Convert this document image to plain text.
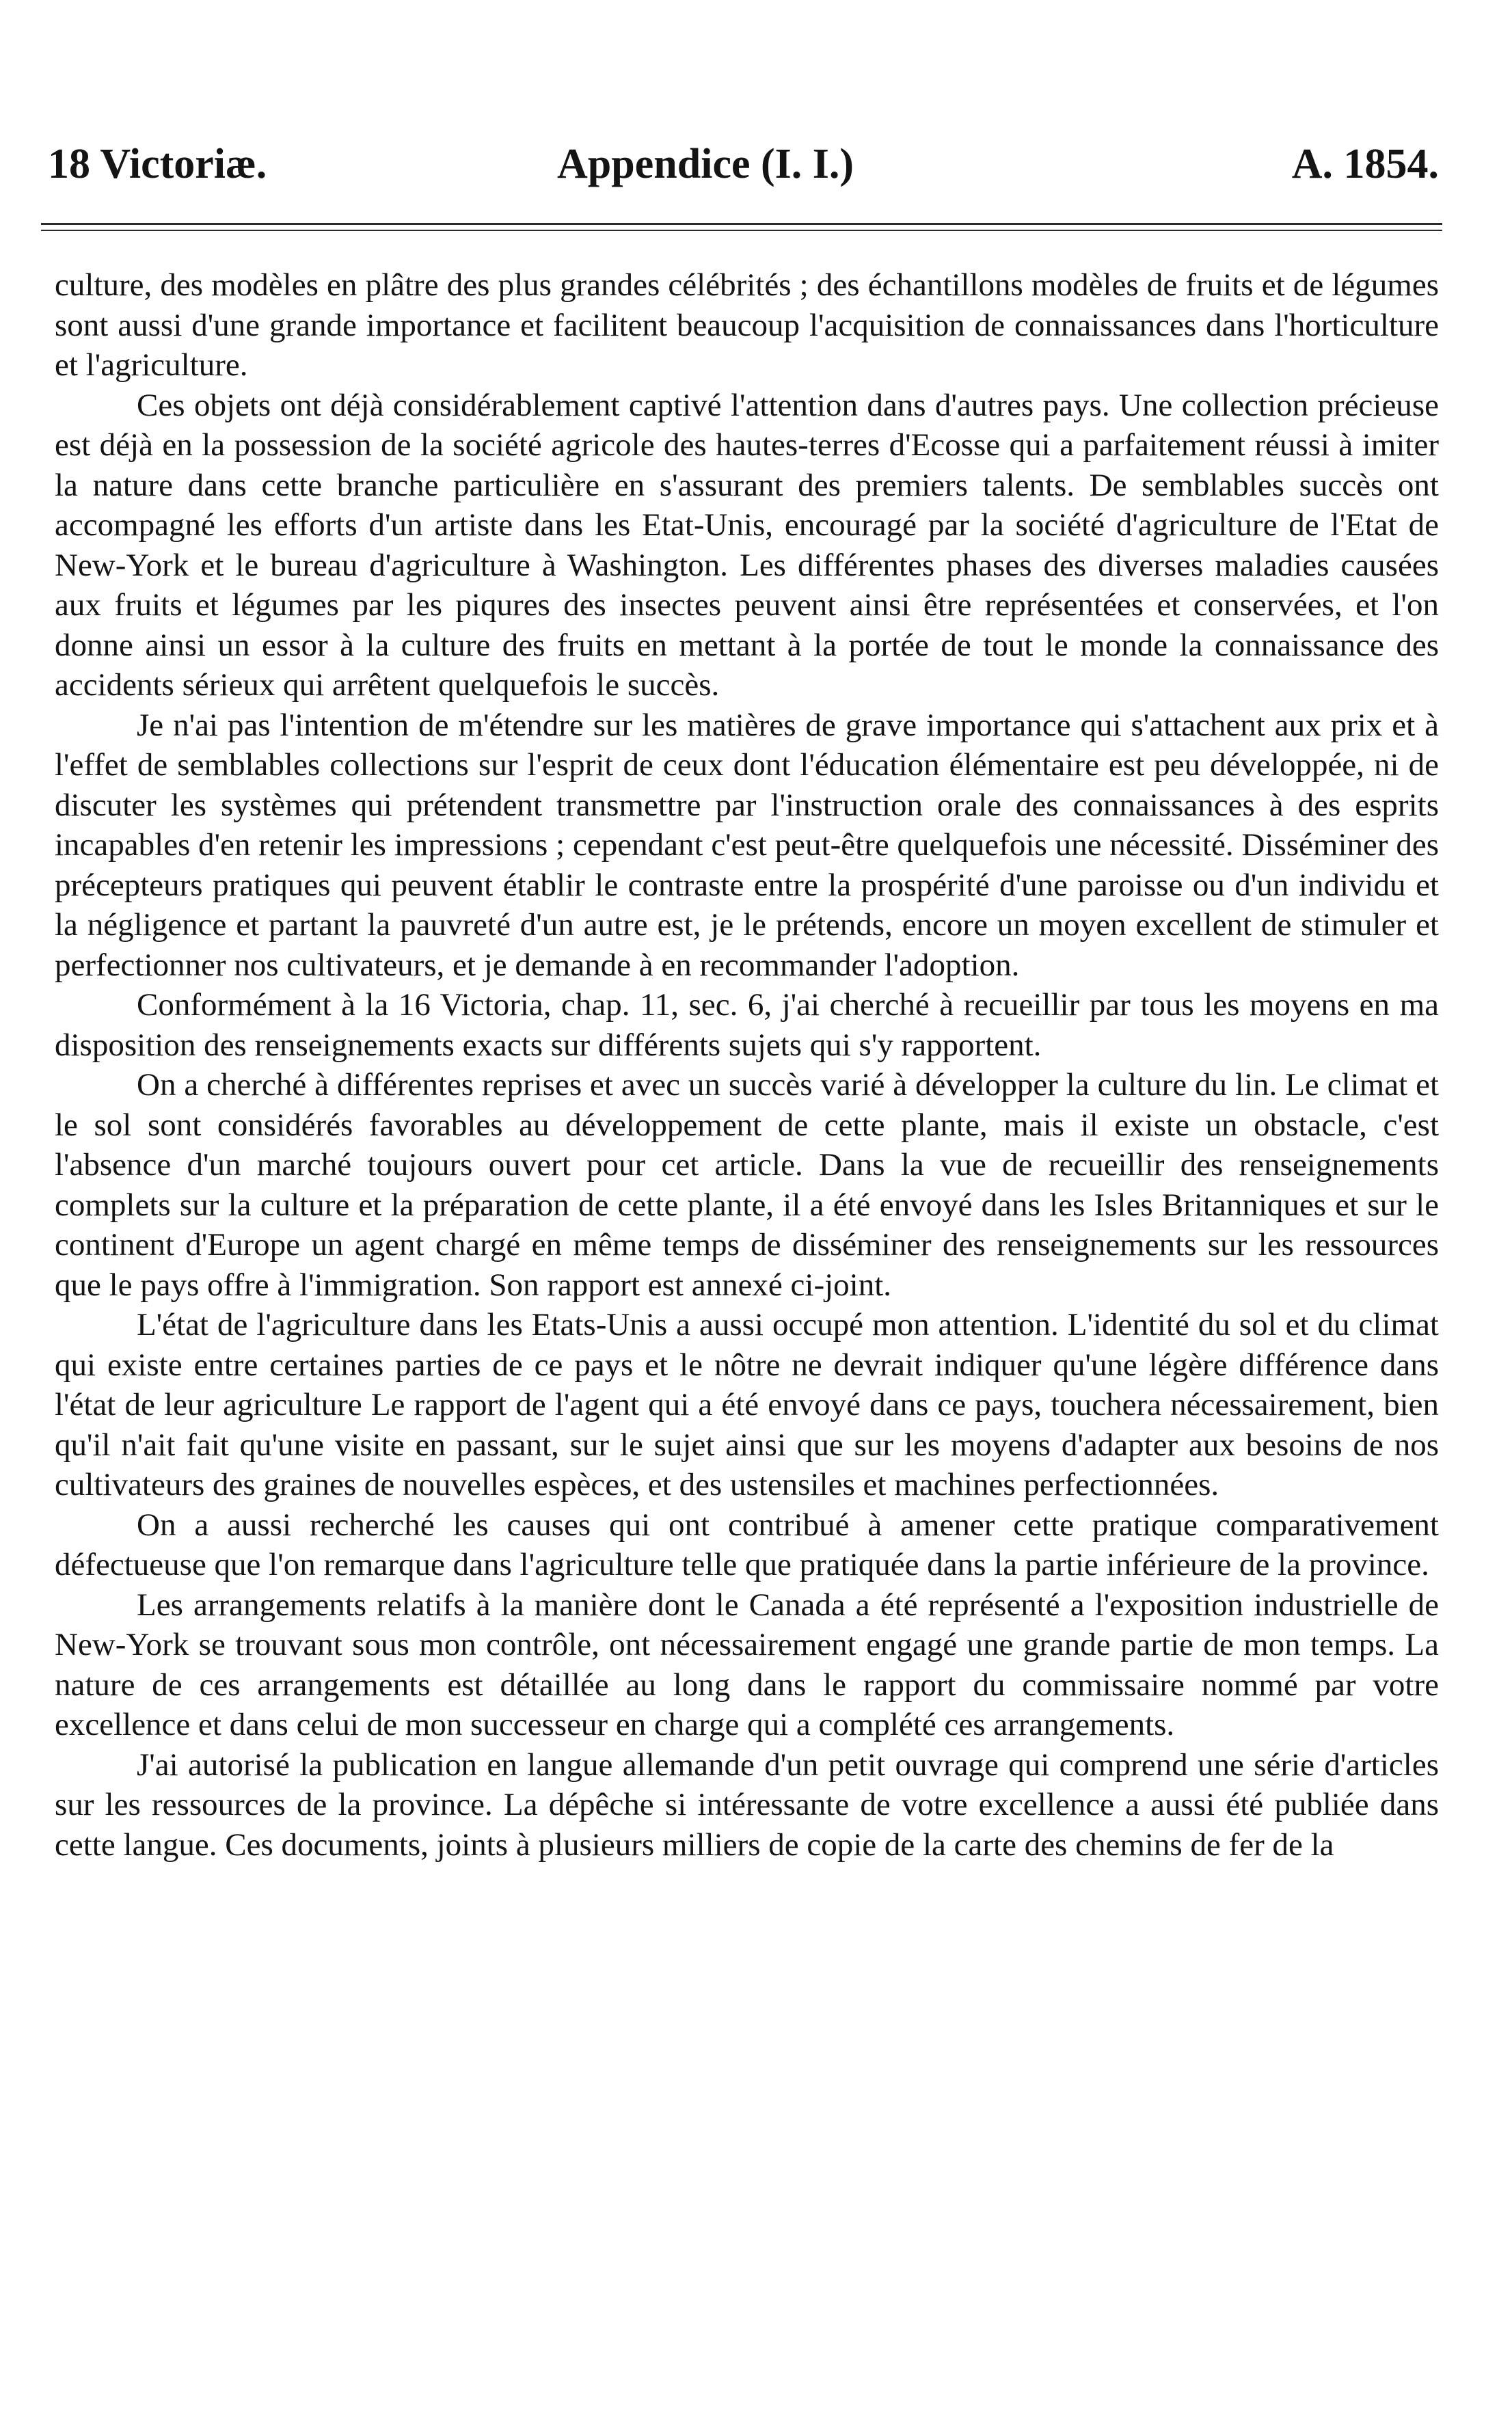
18 Victoriæ.	Appendice (I. I.)	A. 1854.

culture, des modèles en plâtre des plus grandes célébrités ; des échantillons modèles de fruits et de légumes sont aussi d'une grande importance et facilitent beaucoup l'acquisition de connaissances dans l'horticulture et l'agriculture.

Ces objets ont déjà considérablement captivé l'attention dans d'autres pays. Une collection précieuse est déjà en la possession de la société agricole des hautes-terres d'Ecosse qui a parfaitement réussi à imiter la nature dans cette branche particulière en s'assurant des premiers talents. De semblables succès ont accompagné les efforts d'un artiste dans les Etat-Unis, encouragé par la société d'agriculture de l'Etat de New-York et le bureau d'agriculture à Washington. Les différentes phases des diverses maladies causées aux fruits et légumes par les piqures des insectes peuvent ainsi être représentées et conservées, et l'on donne ainsi un essor à la culture des fruits en mettant à la portée de tout le monde la connaissance des accidents sérieux qui arrêtent quelquefois le succès.

Je n'ai pas l'intention de m'étendre sur les matières de grave importance qui s'attachent aux prix et à l'effet de semblables collections sur l'esprit de ceux dont l'éducation élémentaire est peu développée, ni de discuter les systèmes qui prétendent transmettre par l'instruction orale des connaissances à des esprits incapables d'en retenir les impressions ; cependant c'est peut-être quelquefois une nécessité. Disséminer des précepteurs pratiques qui peuvent établir le contraste entre la prospérité d'une paroisse ou d'un individu et la négligence et partant la pauvreté d'un autre est, je le prétends, encore un moyen excellent de stimuler et perfectionner nos cultivateurs, et je demande à en recommander l'adoption.

Conformément à la 16 Victoria, chap. 11, sec. 6, j'ai cherché à recueillir par tous les moyens en ma disposition des renseignements exacts sur différents sujets qui s'y rapportent.

On a cherché à différentes reprises et avec un succès varié à développer la culture du lin. Le climat et le sol sont considérés favorables au développement de cette plante, mais il existe un obstacle, c'est l'absence d'un marché toujours ouvert pour cet article. Dans la vue de recueillir des renseignements complets sur la culture et la préparation de cette plante, il a été envoyé dans les Isles Britanniques et sur le continent d'Europe un agent chargé en même temps de disséminer des renseignements sur les ressources que le pays offre à l'immigration. Son rapport est annexé ci-joint.

L'état de l'agriculture dans les Etats-Unis a aussi occupé mon attention. L'identité du sol et du climat qui existe entre certaines parties de ce pays et le nôtre ne devrait indiquer qu'une légère différence dans l'état de leur agriculture Le rapport de l'agent qui a été envoyé dans ce pays, touchera nécessairement, bien qu'il n'ait fait qu'une visite en passant, sur le sujet ainsi que sur les moyens d'adapter aux besoins de nos cultivateurs des graines de nouvelles espèces, et des ustensiles et machines perfectionnées.

On a aussi recherché les causes qui ont contribué à amener cette pratique comparativement défectueuse que l'on remarque dans l'agriculture telle que pratiquée dans la partie inférieure de la province.

Les arrangements relatifs à la manière dont le Canada a été représenté a l'exposition industrielle de New-York se trouvant sous mon contrôle, ont nécessairement engagé une grande partie de mon temps. La nature de ces arrangements est détaillée au long dans le rapport du commissaire nommé par votre excellence et dans celui de mon successeur en charge qui a complété ces arrangements.

J'ai autorisé la publication en langue allemande d'un petit ouvrage qui comprend une série d'articles sur les ressources de la province. La dépêche si intéressante de votre excellence a aussi été publiée dans cette langue. Ces documents, joints à plusieurs milliers de copie de la carte des chemins de fer de la
